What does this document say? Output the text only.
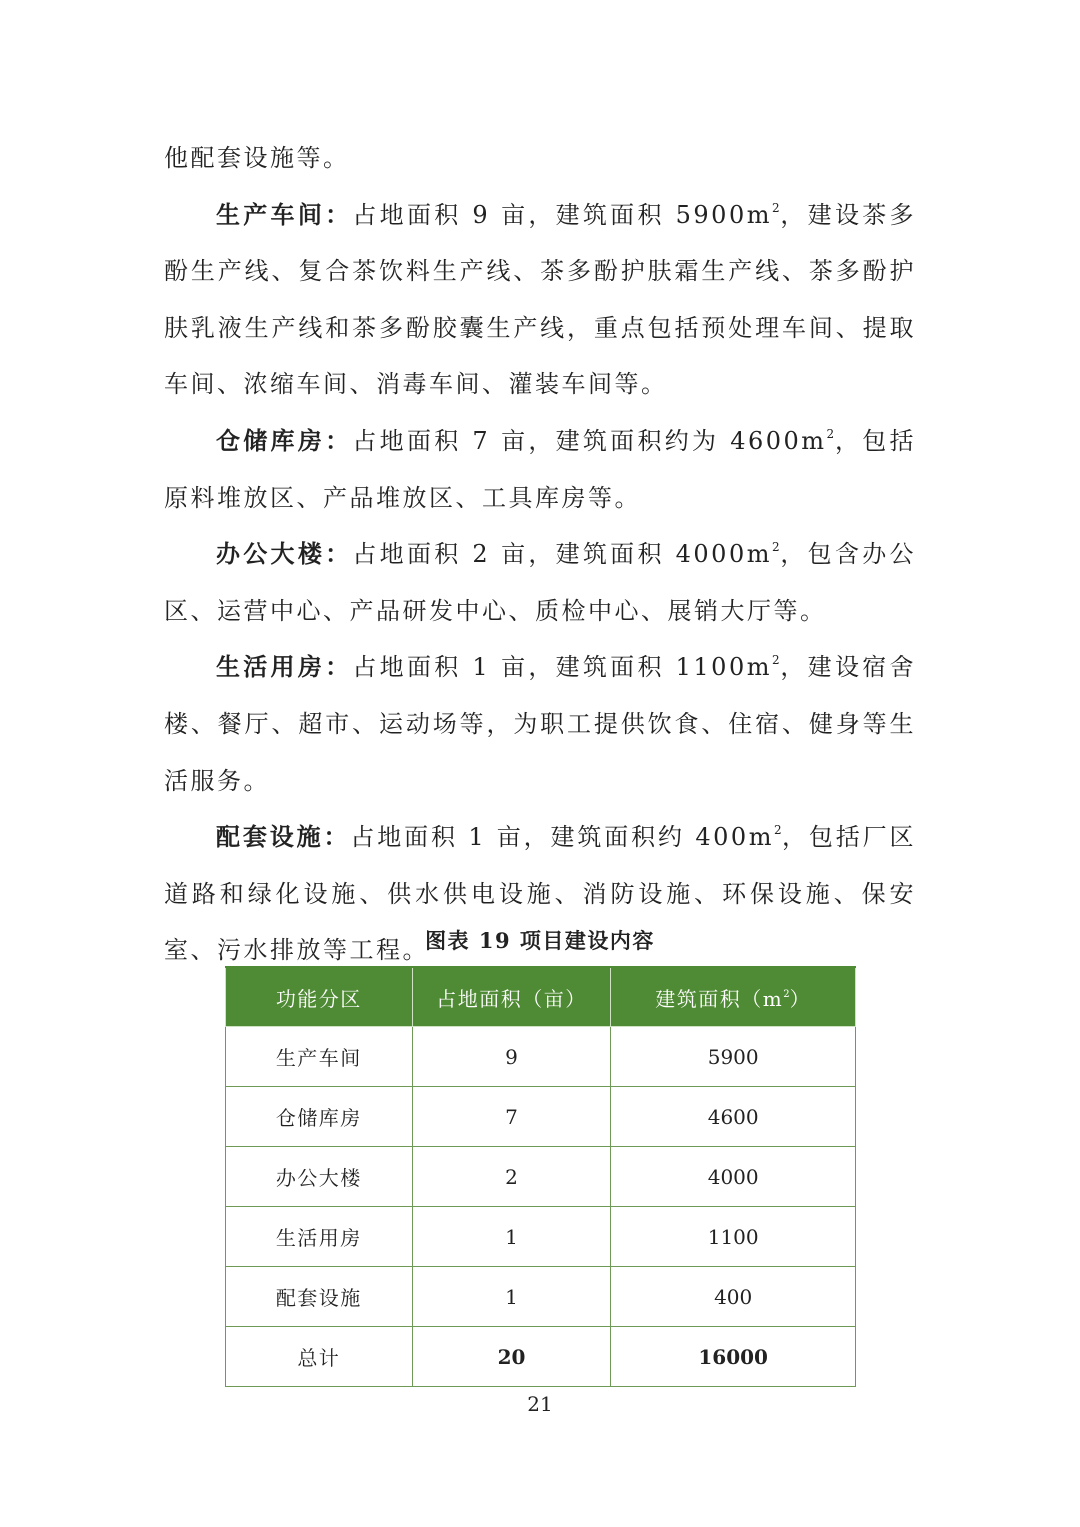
他配套设施等。

生产车间：占地面积 9 亩，建筑面积 $5900m^2$，建设茶多酚生产线、复合茶饮料生产线、茶多酚护肤霜生产线、茶多酚护肤乳液生产线和茶多酚胶囊生产线，重点包括预处理车间、提取车间、浓缩车间、消毒车间、灌装车间等。

仓储库房：占地面积 7 亩，建筑面积约为 $4600m^2$，包括原料堆放区、产品堆放区、工具库房等。

办公大楼：占地面积 2 亩，建筑面积 $4000m^2$，包含办公区、运营中心、产品研发中心、质检中心、展销大厅等。

生活用房：占地面积 1 亩，建筑面积 $1100m^2$，建设宿舍楼、餐厅、超市、运动场等，为职工提供饮食、住宿、健身等生活服务。

配套设施：占地面积 1 亩，建筑面积约 $400m^2$，包括厂区道路和绿化设施、供水供电设施、消防设施、环保设施、保安室、污水排放等工程。

图表 19 项目建设内容
功能分区	占地面积（亩）	建筑面积$(m^2)$
生产车间	9	5900
仓储库房	7	4600
办公大楼	2	4000
生活用房	1	1100
配套设施	1	400
总计	20	16000
21
